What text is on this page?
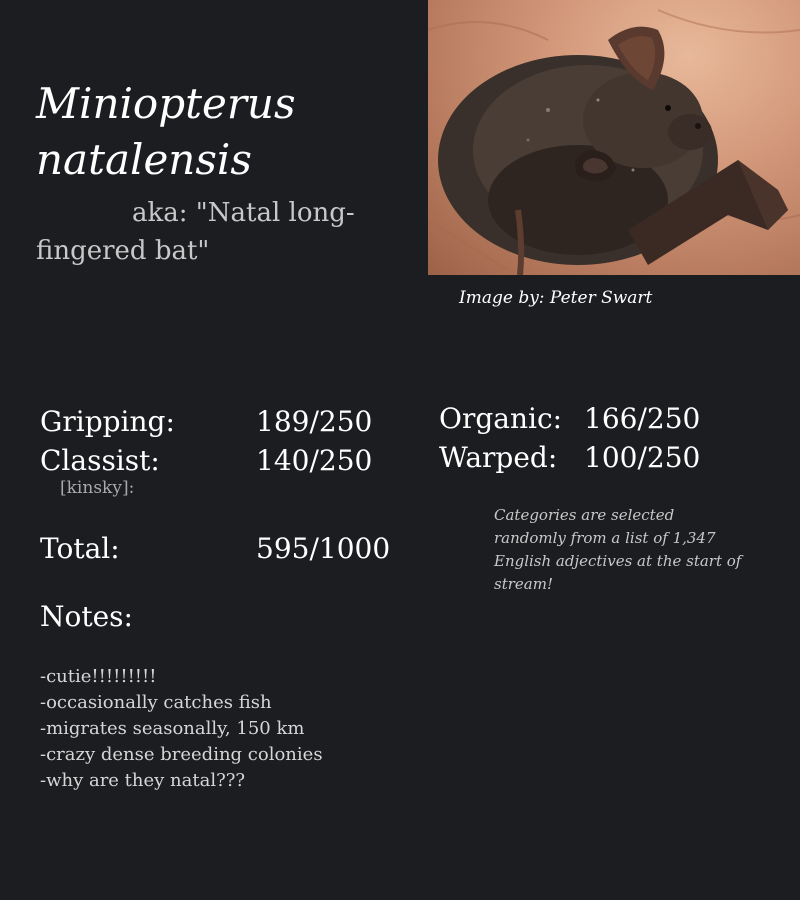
Miniopterus
natalensis
aka: "Natal long-fingered bat"
Image by: Peter Swart
Gripping:	189/250
Classist:	140/250
[kinsky]:
Organic: 166/250
Warped: 100/250
Total:	595/1000
Categories are selected randomly from a list of 1,347 English adjectives at the start of stream!
Notes:
-cutie!!!!!!!!!
-occasionally catches fish
-migrates seasonally, 150 km
-crazy dense breeding colonies
-why are they natal???
